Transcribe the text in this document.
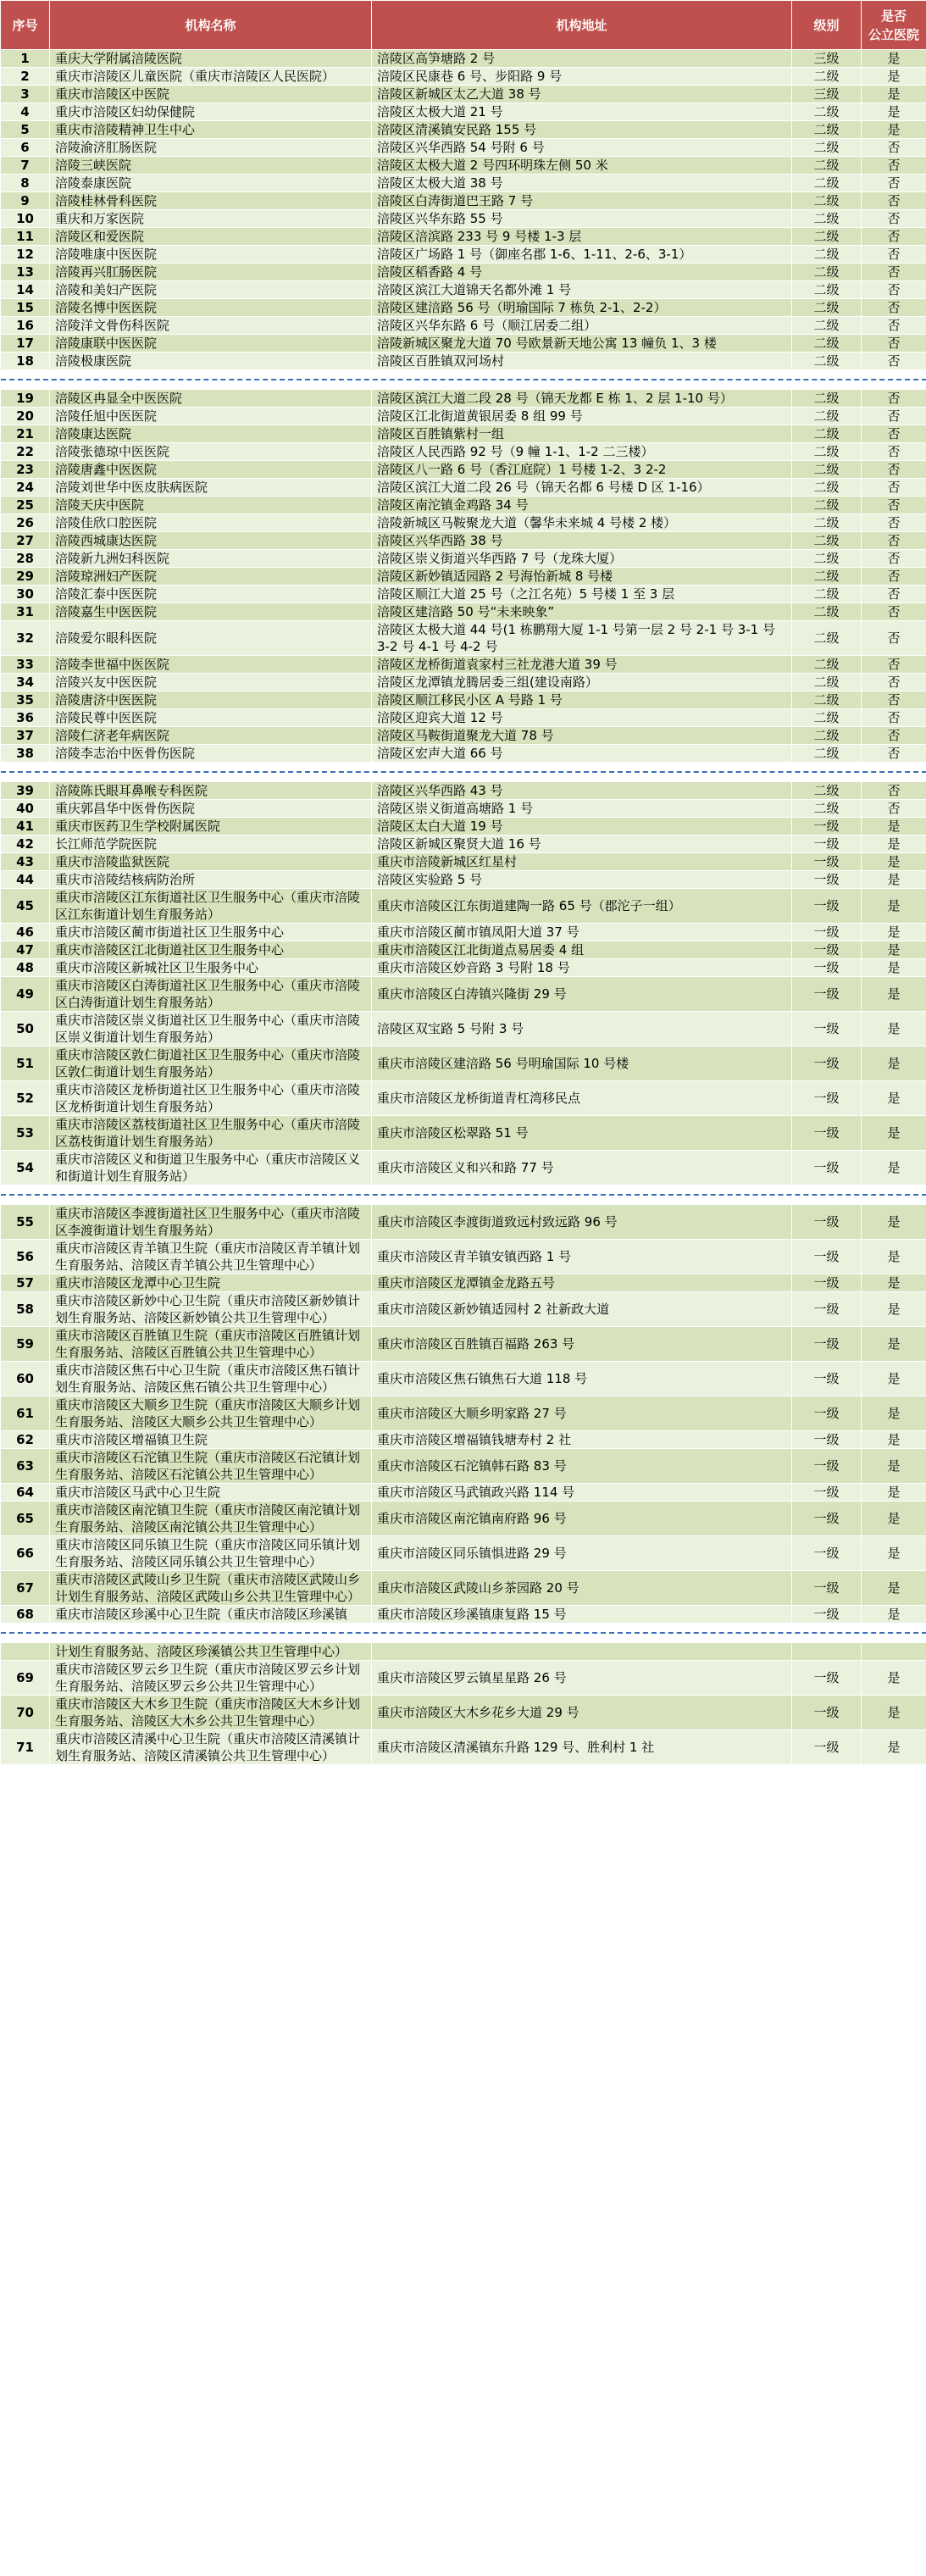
序号	机构名称	机构地址	级别	是否
公立医院

1	重庆大学附属涪陵医院	涪陵区高笋塘路 2 号	三级	是
2	重庆市涪陵区儿童医院（重庆市涪陵区人民医院）	涪陵区民康巷 6 号、步阳路 9 号	二级	是
3	重庆市涪陵区中医院	涪陵区新城区太乙大道 38 号	三级	是
4	重庆市涪陵区妇幼保健院	涪陵区太极大道 21 号	二级	是
5	重庆市涪陵精神卫生中心	涪陵区清溪镇安民路 155 号	二级	是
6	涪陵渝济肛肠医院	涪陵区兴华西路 54 号附 6 号	二级	否
7	涪陵三峡医院	涪陵区太极大道 2 号四环明珠左侧 50 米	二级	否
8	涪陵泰康医院	涪陵区太极大道 38 号	二级	否
9	涪陵桂林骨科医院	涪陵区白涛街道巴王路 7 号	二级	否
10	重庆和万家医院	涪陵区兴华东路 55 号	二级	否
11	涪陵区和爱医院	涪陵区涪滨路 233 号 9 号楼 1-3 层	二级	否
12	涪陵唯康中医医院	涪陵区广场路 1 号（御座名郡 1-6、1-11、2-6、3-1）	二级	否
13	涪陵再兴肛肠医院	涪陵区稻香路 4 号	二级	否
14	涪陵和美妇产医院	涪陵区滨江大道锦天名都外滩 1 号	二级	否
15	涪陵名博中医医院	涪陵区建涪路 56 号（明瑜国际 7 栋负 2-1、2-2）	二级	否
16	涪陵洋文骨伤科医院	涪陵区兴华东路 6 号（顺江居委二组）	二级	否
17	涪陵康联中医医院	涪陵新城区聚龙大道 70 号欧景新天地公寓 13 幢负 1、3 楼	二级	否
18	涪陵极康医院	涪陵区百胜镇双河场村	二级	否

19	涪陵区冉显全中医医院	涪陵区滨江大道二段 28 号（锦天龙都 E 栋 1、2 层 1-10 号）	二级	否
20	涪陵任旭中医医院	涪陵区江北街道黄银居委 8 组 99 号	二级	否
21	涪陵康达医院	涪陵区百胜镇紫村一组	二级	否
22	涪陵张德琼中医医院	涪陵区人民西路 92 号（9 幢 1-1、1-2 二三楼）	二级	否
23	涪陵唐鑫中医医院	涪陵区八一路 6 号（香江庭院）1 号楼 1-2、3 2-2	二级	否
24	涪陵刘世华中医皮肤病医院	涪陵区滨江大道二段 26 号（锦天名都 6 号楼 D 区 1-16）	二级	否
25	涪陵天庆中医院	涪陵区南沱镇金鸡路 34 号	二级	否
26	涪陵佳欣口腔医院	涪陵新城区马鞍聚龙大道（馨华未来城 4 号楼 2 楼）	二级	否
27	涪陵西城康达医院	涪陵区兴华西路 38 号	二级	否
28	涪陵新九洲妇科医院	涪陵区崇义街道兴华西路 7 号（龙珠大厦）	二级	否
29	涪陵琼洲妇产医院	涪陵区新妙镇适园路 2 号海怡新城 8 号楼	二级	否
30	涪陵汇泰中医医院	涪陵区顺江大道 25 号（之江名苑）5 号楼 1 至 3 层	二级	否
31	涪陵嘉生中医医院	涪陵区建涪路 50 号“未来映象”	二级	否
32	涪陵爱尔眼科医院	涪陵区太极大道 44 号(1 栋鹏翔大厦 1-1 号第一层 2 号 2-1 号 3-1 号 3-2 号 4-1 号 4-2 号	二级	否
33	涪陵李世福中医医院	涪陵区龙桥街道袁家村三社龙港大道 39 号	二级	否
34	涪陵兴友中医医院	涪陵区龙潭镇龙腾居委三组(建设南路）	二级	否
35	涪陵唐济中医医院	涪陵区顺江移民小区 A 号路 1 号	二级	否
36	涪陵民尊中医医院	涪陵区迎宾大道 12 号	二级	否
37	涪陵仁济老年病医院	涪陵区马鞍街道聚龙大道 78 号	二级	否
38	涪陵李志治中医骨伤医院	涪陵区宏声大道 66 号	二级	否

39	涪陵陈氏眼耳鼻喉专科医院	涪陵区兴华西路 43 号	二级	否
40	重庆郭昌华中医骨伤医院	涪陵区崇义街道高塘路 1 号	二级	否
41	重庆市医药卫生学校附属医院	涪陵区太白大道 19 号	一级	是
42	长江师范学院医院	涪陵区新城区聚贤大道 16 号	一级	是
43	重庆市涪陵监狱医院	重庆市涪陵新城区红星村	一级	是
44	重庆市涪陵结核病防治所	涪陵区实验路 5 号	一级	是
45	重庆市涪陵区江东街道社区卫生服务中心（重庆市涪陵区江东街道计划生育服务站）	重庆市涪陵区江东街道建陶一路 65 号（郡沱子一组）	一级	是
46	重庆市涪陵区蔺市街道社区卫生服务中心	重庆市涪陵区蔺市镇凤阳大道 37 号	一级	是
47	重庆市涪陵区江北街道社区卫生服务中心	重庆市涪陵区江北街道点易居委 4 组	一级	是
48	重庆市涪陵区新城社区卫生服务中心	重庆市涪陵区妙音路 3 号附 18 号	一级	是
49	重庆市涪陵区白涛街道社区卫生服务中心（重庆市涪陵区白涛街道计划生育服务站）	重庆市涪陵区白涛镇兴隆街 29 号	一级	是
50	重庆市涪陵区崇义街道社区卫生服务中心（重庆市涪陵区崇义街道计划生育服务站）	涪陵区双宝路 5 号附 3 号	一级	是
51	重庆市涪陵区敦仁街道社区卫生服务中心（重庆市涪陵区敦仁街道计划生育服务站）	重庆市涪陵区建涪路 56 号明瑜国际 10 号楼	一级	是
52	重庆市涪陵区龙桥街道社区卫生服务中心（重庆市涪陵区龙桥街道计划生育服务站）	重庆市涪陵区龙桥街道青杠湾移民点	一级	是
53	重庆市涪陵区荔枝街道社区卫生服务中心（重庆市涪陵区荔枝街道计划生育服务站）	重庆市涪陵区松翠路 51 号	一级	是
54	重庆市涪陵区义和街道卫生服务中心（重庆市涪陵区义和街道计划生育服务站）	重庆市涪陵区义和兴和路 77 号	一级	是

55	重庆市涪陵区李渡街道社区卫生服务中心（重庆市涪陵区李渡街道计划生育服务站）	重庆市涪陵区李渡街道致远村致远路 96 号	一级	是
56	重庆市涪陵区青羊镇卫生院（重庆市涪陵区青羊镇计划生育服务站、涪陵区青羊镇公共卫生管理中心）	重庆市涪陵区青羊镇安镇西路 1 号	一级	是
57	重庆市涪陵区龙潭中心卫生院	重庆市涪陵区龙潭镇金龙路五号	一级	是
58	重庆市涪陵区新妙中心卫生院（重庆市涪陵区新妙镇计划生育服务站、涪陵区新妙镇公共卫生管理中心）	重庆市涪陵区新妙镇适园村 2 社新政大道	一级	是
59	重庆市涪陵区百胜镇卫生院（重庆市涪陵区百胜镇计划生育服务站、涪陵区百胜镇公共卫生管理中心）	重庆市涪陵区百胜镇百福路 263 号	一级	是
60	重庆市涪陵区焦石中心卫生院（重庆市涪陵区焦石镇计划生育服务站、涪陵区焦石镇公共卫生管理中心）	重庆市涪陵区焦石镇焦石大道 118 号	一级	是
61	重庆市涪陵区大顺乡卫生院（重庆市涪陵区大顺乡计划生育服务站、涪陵区大顺乡公共卫生管理中心）	重庆市涪陵区大顺乡明家路 27 号	一级	是
62	重庆市涪陵区增福镇卫生院	重庆市涪陵区增福镇钱塘寿村 2 社	一级	是
63	重庆市涪陵区石沱镇卫生院（重庆市涪陵区石沱镇计划生育服务站、涪陵区石沱镇公共卫生管理中心）	重庆市涪陵区石沱镇韩石路 83 号	一级	是
64	重庆市涪陵区马武中心卫生院	重庆市涪陵区马武镇政兴路 114 号	一级	是
65	重庆市涪陵区南沱镇卫生院（重庆市涪陵区南沱镇计划生育服务站、涪陵区南沱镇公共卫生管理中心）	重庆市涪陵区南沱镇南府路 96 号	一级	是
66	重庆市涪陵区同乐镇卫生院（重庆市涪陵区同乐镇计划生育服务站、涪陵区同乐镇公共卫生管理中心）	重庆市涪陵区同乐镇惧进路 29 号	一级	是
67	重庆市涪陵区武陵山乡卫生院（重庆市涪陵区武陵山乡计划生育服务站、涪陵区武陵山乡公共卫生管理中心）	重庆市涪陵区武陵山乡茶园路 20 号	一级	是
68	重庆市涪陵区珍溪中心卫生院（重庆市涪陵区珍溪镇	重庆市涪陵区珍溪镇康复路 15 号	一级	是

	计划生育服务站、涪陵区珍溪镇公共卫生管理中心）			
69	重庆市涪陵区罗云乡卫生院（重庆市涪陵区罗云乡计划生育服务站、涪陵区罗云乡公共卫生管理中心）	重庆市涪陵区罗云镇星星路 26 号	一级	是
70	重庆市涪陵区大木乡卫生院（重庆市涪陵区大木乡计划生育服务站、涪陵区大木乡公共卫生管理中心）	重庆市涪陵区大木乡花乡大道 29 号	一级	是
71	重庆市涪陵区清溪中心卫生院（重庆市涪陵区清溪镇计划生育服务站、涪陵区清溪镇公共卫生管理中心）	重庆市涪陵区清溪镇东升路 129 号、胜利村 1 社	一级	是
